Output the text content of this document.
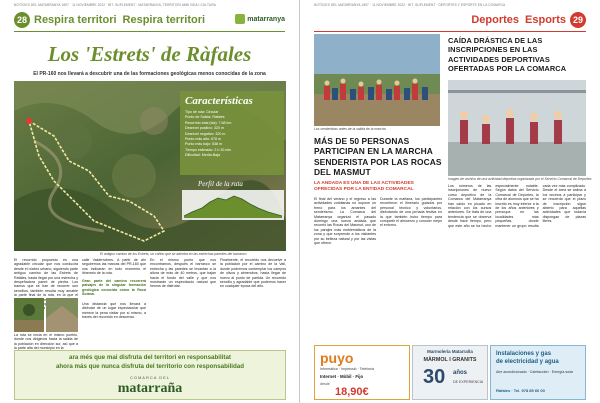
NOTÍCIES DEL MATARRANYA 1697 · 11 NOVIEMBRE 2022 · BIT. SUPLEMENT · MATARRANYA, TERRITORI AMB VIDA I CULTURA
28 Respira territori Respira territori	matarranya
Los 'Estrets' de Ràfales
El PR-160 nos llevará a descubrir una de las formaciones geológicas menos conocidas de la zona
Características
Tipo de ruta: Circular
Punto de Salida: Ràfales
Recorrido total (ida): 7,68 km
Desnivel positivo: 320 m
Desnivel negativo: 320 m
Punto más alto: 678 m
Punto más bajo: 538 m
Tiempo estimado: 2 h 30 min
Dificultad: Media-Baja
Perfil de la ruta
El antiguo camino de los Estrets, un cañón que se adentra en las estrechas paredes del barranco
El recorrido propuesto es una agradable circular que nos conducirá desde el núcleo urbano, siguiendo parte antiguo camino de las Estrets de Ràfales, hasta llegar por una estrecha y despeñadora pared de piedra. Los tramos que se han de recorrer son sencillos, también resulta muy amable la parte final de la ruta, en la que el bosques a
La ruta se inicia en el mismo pueblo, donde nos dirigimos hacia la salida de la población en dirección sur, así que a la parte alta del municipio en la
calle Valderrobres. A partir de ahí seguiremos las marcas del PR-160 que nos indicarán en todo momento el itinerario de la ruta.
Gran parte del camino recorrerá paisajes de la singular formación geológica conocida como la Roca Solana.
Una distancia que nos llevará a disfrutar de un lugar espectacular que merece la pena visitar por sí mismo, a través del recorrido en descenso.
En el mismo punto que nos encontramos, después el barranco se estrecha y las paredes se levantan a la altura de más de 40 metros, que bajan hacia el fondo del valle y que nos mostrarán un espectáculo natural que hemos de disfrutar.
Finalmente, el recorrido nos devuelve a la población por el camino de la Vall, donde podremos contemplar los campos de olivos y almendros, hasta llegar de nuevo al punto de partida. Un recorrido sencillo y agradable que podemos hacer en cualquier época del año.
ara més que mai disfruta del territori en responsabilitat
ahora más que nunca disfruta del territorio con responsabilidad
COMARCA DEL
matarraña
NOTÍCIES DEL MATARRANYA 1697 · 11 NOVIEMBRE 2022 · BIT. SUPLEMENT · DEPORTES Y ESPORTS EN LA COMARCA
Deportes Esports 29
Los senderistas antes de la salida de la marcha
MÁS DE 50 PERSONAS PARTICIPAN EN LA MARCHA SENDERISTA POR LAS ROCAS DEL MASMUT
LA ANDADA ES UNA DE LAS ACTIVIDADES OFRECIDAS POR LA ENTIDAD COMARCAL
El final del verano y el regreso a las actividades cotidianas no supone un freno para los amantes del senderismo. La Comarca del Matarranya organizó el pasado domingo una nueva andada que recorrió las Rocas del Masmut, uno de los parajes más emblemáticos de la zona y que sorprende a los visitantes por su belleza natural y por las vistas que ofrece.
Durante la mañana, los participantes recorrieron el itinerario guiados por personal técnico y voluntarios, disfrutando de una jornada festiva en la que también hubo tiempo para compartir el almuerzo y conocer mejor el entorno.
CAÍDA DRÁSTICA DE LAS INSCRIPCIONES EN LAS ACTIVIDADES DEPORTIVAS OFERTADAS POR LA COMARCA
Imagen de archivo de una actividad deportiva organizada por el Servicio Comarcal de Deportes
Los números de las inscripciones de nuevo curso deportivo de la Comarca del Matarranya han caído en picado en relación con los cursos anteriores. Se trata de una tendencia que se observa desde hace tiempo, pero que este año se ha hecho especialmente notable. Según datos del Servicio Comarcal de Deportes, la cifra de alumnos que se ha inscrito es muy inferior a la de los años anteriores y preocupa en las localidades más pequeñas, donde mantener un grupo resulta cada vez más complicado. Desde el área se anima a los vecinos a participar y se recuerda que el plazo de inscripción sigue abierto para aquellas actividades que todavía dispongan de plazas libres.
puyo
Informàtica · Impressió · Telefonia
Internet · Mòbil · Fijo
desde
18,90€
Marmolería Matarraña
MÀRMOL I GRANITS
30 años
DE EXPERIENCIA
Instalaciones y gas
de electricidad y agua
Aire acondicionado · Calefacción · Energía solar
Ràfales · Tel. 978 85 60 00
